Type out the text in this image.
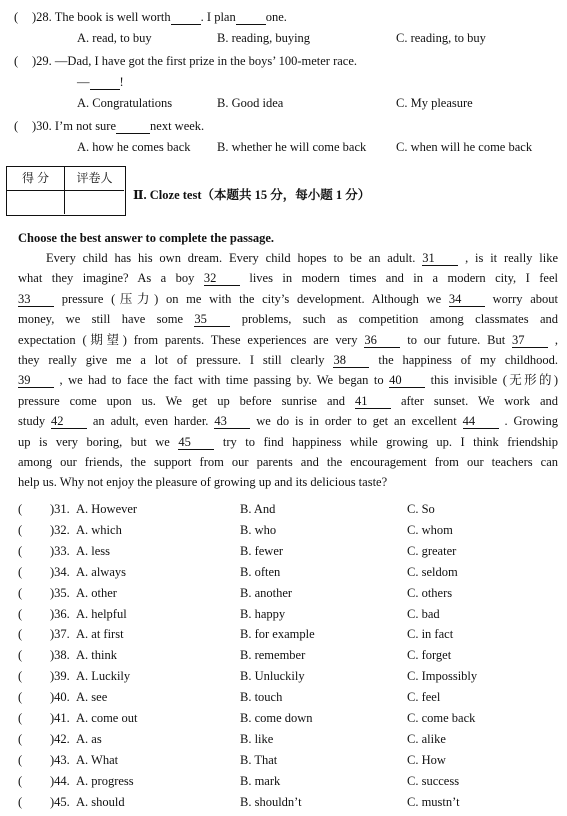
( )28. The book is well worth . I plan one.
A. read, to buy	B. reading, buying	C. reading, to buy
( )29. —Dad, I have got the first prize in the boys’ 100-meter race.
— !
A. Congratulations	B. Good idea	C. My pleasure
( )30. I’m not sure	next week.
A. how he comes back B. whether he will come back C. when will he come back
得 分	评卷人
Ⅱ. Cloze test（本题共 15 分，每小题 1 分）
Choose the best answer to complete the passage.
Every child has his own dream. Every child hopes to be an adult. 31 , is it really like
what they imagine? As a boy 32 lives in modern times and in a modern city, I feel
33 pressure (压力) on me with the city’s development. Although we 34 worry about
money, we still have some 35 problems, such as competition among classmates and
expectation (期望) from parents. These experiences are very 36 to our future. But 37 ,
they really give me a lot of pressure. I still clearly 38 the happiness of my childhood.
39 , we had to face the fact with time passing by. We began to 40 this invisible (无形的)
pressure come upon us. We get up before sunrise and 41 after sunset. We work and
study 42 an adult, even harder. 43 we do is in order to get an excellent 44 . Growing
up is very boring, but we 45 try to find happiness while growing up. I think friendship
among our friends, the support from our parents and the encouragement from our teachers can
help us. Why not enjoy the pleasure of growing up and its delicious taste?
( )31. A. However	B. And	C. So
( )32. A. which	B. who	C. whom
( )33. A. less	B. fewer	C. greater
( )34. A. always	B. often	C. seldom
( )35. A. other	B. another	C. others
( )36. A. helpful	B. happy	C. bad
( )37. A. at first	B. for example	C. in fact
( )38. A. think	B. remember	C. forget
( )39. A. Luckily	B. Unluckily	C. Impossibly
( )40. A. see	B. touch	C. feel
( )41. A. come out	B. come down	C. come back
( )42. A. as	B. like	C. alike
( )43. A. What	B. That	C. How
( )44. A. progress	B. mark	C. success
( )45. A. should	B. shouldn’t	C. mustn’t
